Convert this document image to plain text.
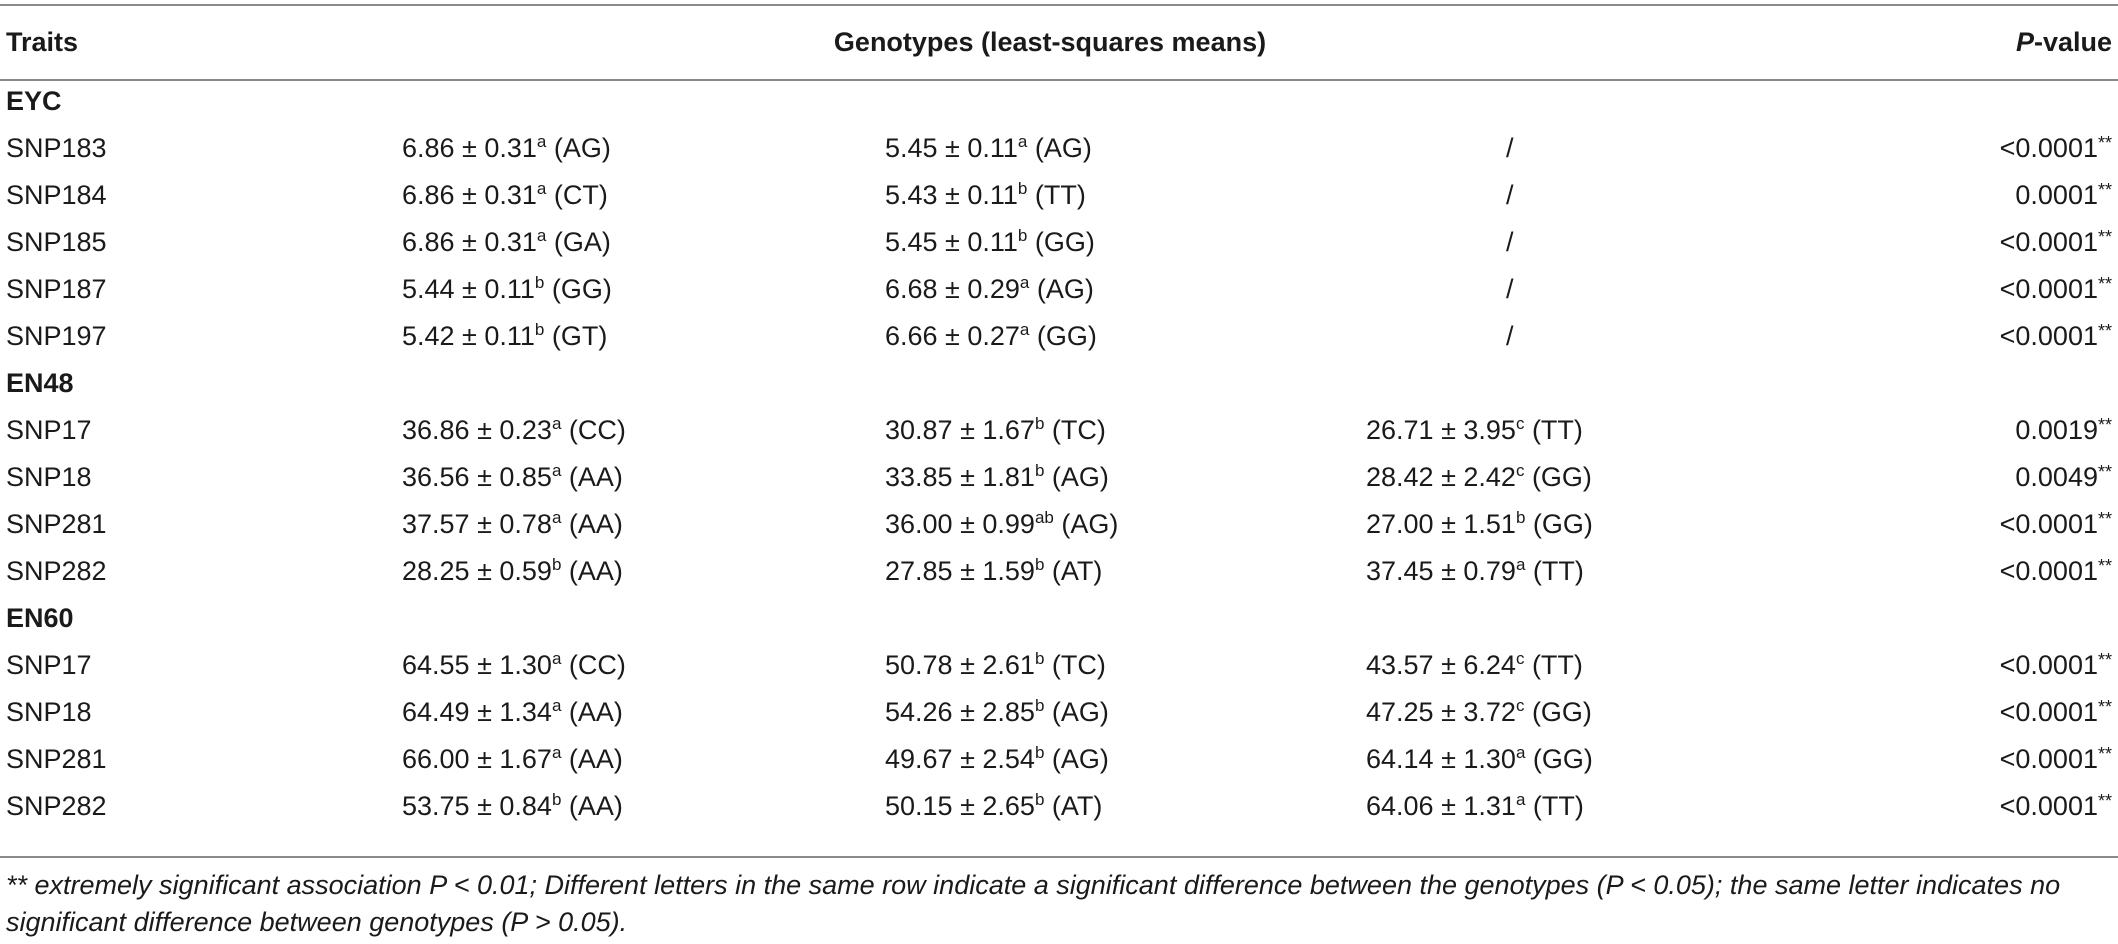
Traits	Genotypes (least-squares means)			P-value
EYC				
SNP183	6.86 ± 0.31$^a$ (AG)	5.45 ± 0.11$^a$ (AG)	/	<0.0001**
SNP184	6.86 ± 0.31$^a$ (CT)	5.43 ± 0.11$^b$ (TT)	/	0.0001**
SNP185	6.86 ± 0.31$^a$ (GA)	5.45 ± 0.11$^b$ (GG)	/	<0.0001**
SNP187	5.44 ± 0.11$^b$ (GG)	6.68 ± 0.29$^a$ (AG)	/	<0.0001**
SNP197	5.42 ± 0.11$^b$ (GT)	6.66 ± 0.27$^a$ (GG)	/	<0.0001**
EN48				
SNP17	36.86 ± 0.23$^a$ (CC)	30.87 ± 1.67$^b$ (TC)	26.71 ± 3.95$^c$ (TT)	0.0019**
SNP18	36.56 ± 0.85$^a$ (AA)	33.85 ± 1.81$^b$ (AG)	28.42 ± 2.42$^c$ (GG)	0.0049**
SNP281	37.57 ± 0.78$^a$ (AA)	36.00 ± 0.99$^{ab}$ (AG)	27.00 ± 1.51$^b$ (GG)	<0.0001**
SNP282	28.25 ± 0.59$^b$ (AA)	27.85 ± 1.59$^b$ (AT)	37.45 ± 0.79$^a$ (TT)	<0.0001**
EN60				
SNP17	64.55 ± 1.30$^a$ (CC)	50.78 ± 2.61$^b$ (TC)	43.57 ± 6.24$^c$ (TT)	<0.0001**
SNP18	64.49 ± 1.34$^a$ (AA)	54.26 ± 2.85$^b$ (AG)	47.25 ± 3.72$^c$ (GG)	<0.0001**
SNP281	66.00 ± 1.67$^a$ (AA)	49.67 ± 2.54$^b$ (AG)	64.14 ± 1.30$^a$ (GG)	<0.0001**
SNP282	53.75 ± 0.84$^b$ (AA)	50.15 ± 2.65$^b$ (AT)	64.06 ± 1.31$^a$ (TT)	<0.0001**
** extremely significant association P < 0.01; Different letters in the same row indicate a significant difference between the genotypes (P < 0.05); the same letter indicates no significant difference between genotypes (P > 0.05).
